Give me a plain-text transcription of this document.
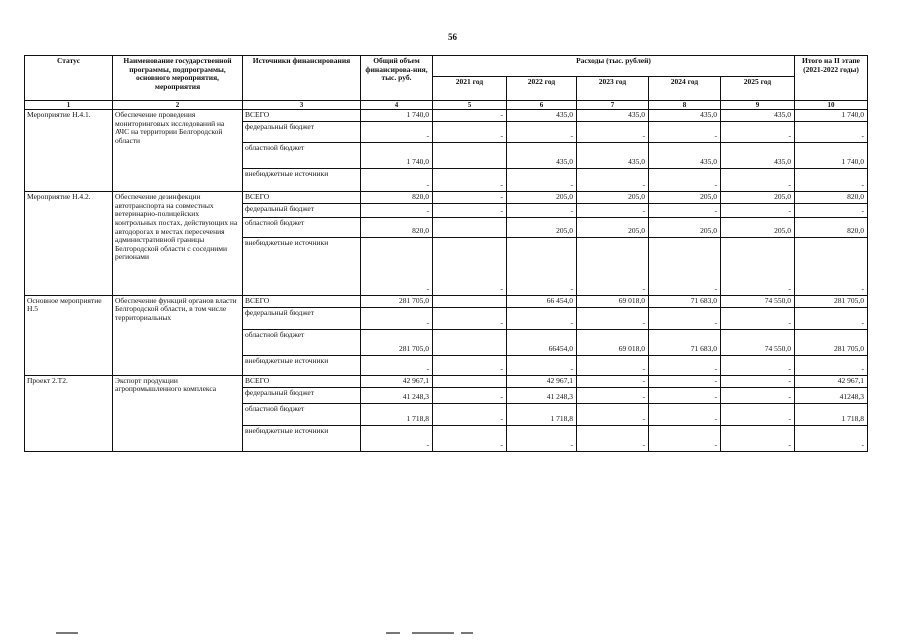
56
Статус	Наименование государственной программы, подпрограммы, основного мероприятия, мероприятия	Источники финансирования	Общий объем финансирова-ния, тыс. руб.	Расходы (тыс. рублей)					Итого на II этапе (2021-2022 годы)
				2021 год	2022 год	2023 год	2024 год	2025 год	
1	2	3	4	5	6	7	8	9	10
Мероприятие Н.4.1.	Обеспечение проведения мониторинговых исследований на АЧС на территории Белгородской области	ВСЕГО	1 740,0	-	435,0	435,0	435,0	435,0	1 740,0
		федеральный бюджет	-	-	-	-	-	-	-
		областной бюджет	1 740,0		435,0	435,0	435,0	435,0	1 740,0
		внебюджетные источники	-	-	-	-	-	-	-
Мероприятие Н.4.2.	Обеспечение дезинфекции автотранспорта на совместных ветеринарно-полицейских контрольных постах, действующих на автодорогах в местах пересечения административной границы Белгородской области с соседними регионами	ВСЕГО	820,0	-	205,0	205,0	205,0	205,0	820,0
		федеральный бюджет	-	-	-	-	-	-	-
		областной бюджет	820,0		205,0	205,0	205,0	205,0	820,0
		внебюджетные источники	-	-	-	-	-	-	-
Основное мероприятие Н.5	Обеспечение функций органов власти Белгородской области, в том числе территориальных	ВСЕГО	281 705,0		66 454,0	69 018,0	71 683,0	74 550,0	281 705,0
		федеральный бюджет	-	-	-	-	-	-	-
		областной бюджет	281 705,0		66454,0	69 018,0	71 683,0	74 550,0	281 705,0
		внебюджетные источники	-	-	-	-	-	-	-
Проект 2.Т2.	Экспорт продукции агропромышленного комплекса	ВСЕГО	42 967,1		42 967,1	-	-	-	42 967,1
		федеральный бюджет	41 248,3	-	41 248,3	-	-	-	41248,3
		областной бюджет	1 718,8	-	1 718,8	-	-	-	1 718,8
		внебюджетные источники	-	-	-	-	-	-	-
